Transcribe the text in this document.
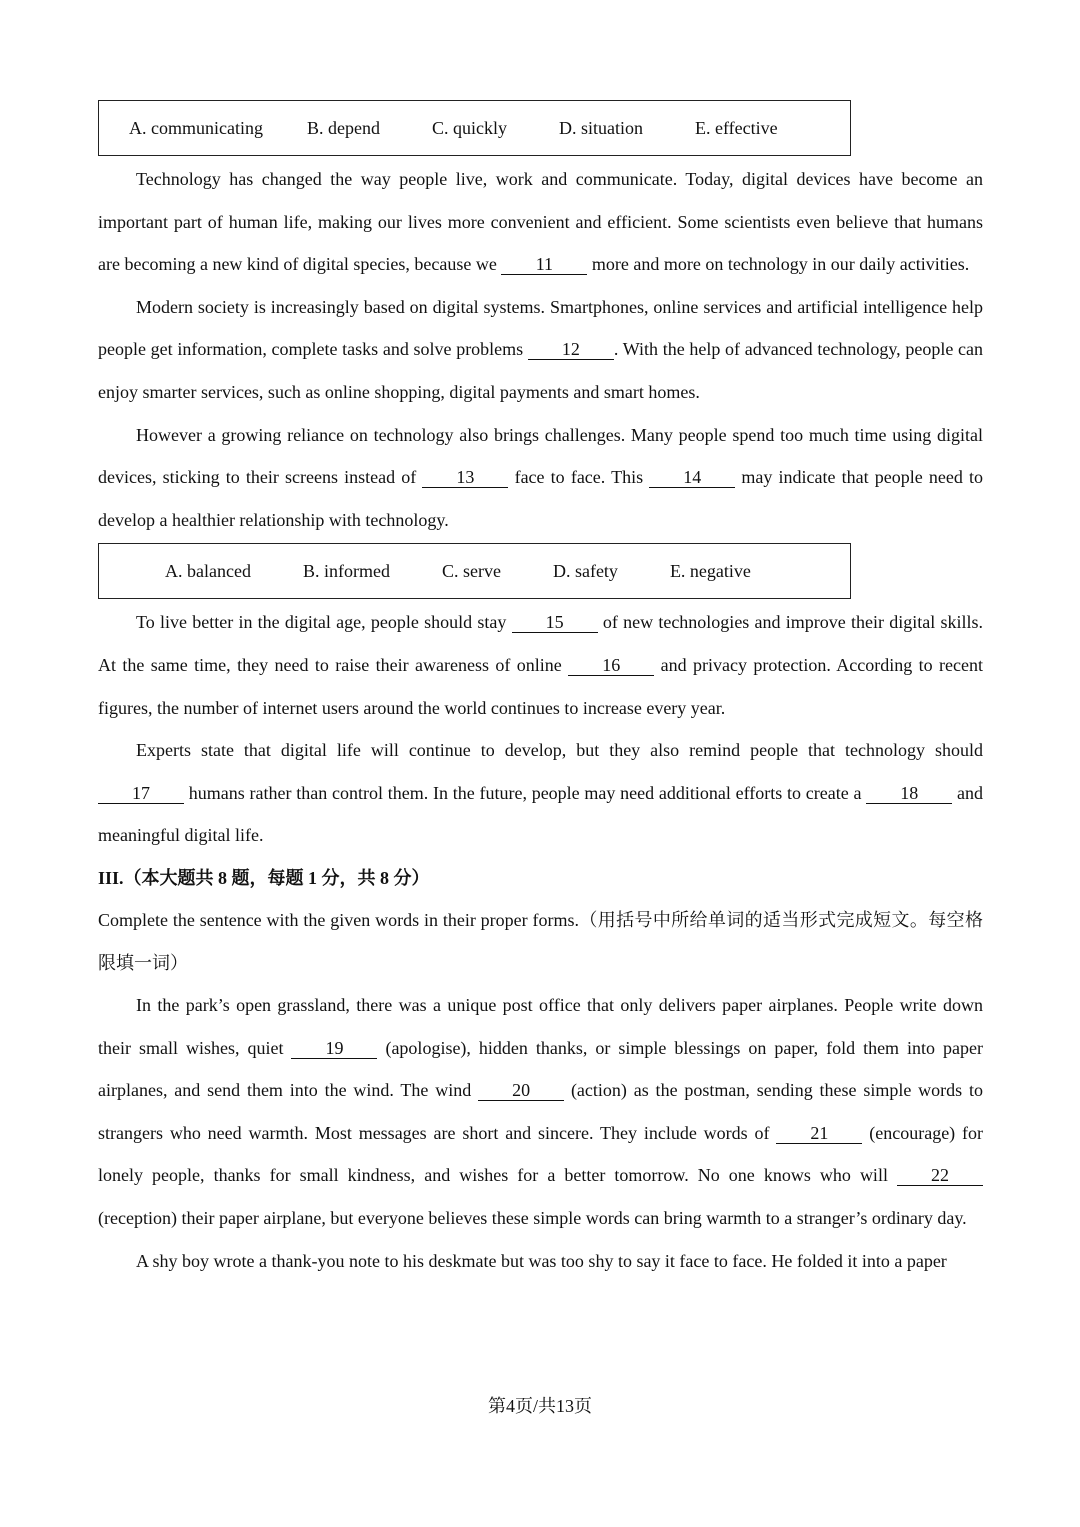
A. communicating B. depend	C. quickly	D. situation	E. effective

Technology has changed the way people live, work and communicate. Today, digital devices have become an important part of human life, making our lives more convenient and efficient. Some scientists even believe that humans are becoming a new kind of digital species, because we 11 more and more on technology in our daily activities.

Modern society is increasingly based on digital systems. Smartphones, online services and artificial intelligence help people get information, complete tasks and solve problems 12 . With the help of advanced technology, people can enjoy smarter services, such as online shopping, digital payments and smart homes.

However a growing reliance on technology also brings challenges. Many people spend too much time using digital devices, sticking to their screens instead of 13 face to face. This 14 may indicate that people need to develop a healthier relationship with technology.

A. balanced	B. informed	C. serve	D. safety	E. negative

To live better in the digital age, people should stay 15 of new technologies and improve their digital skills. At the same time, they need to raise their awareness of online 16 and privacy protection. According to recent figures, the number of internet users around the world continues to increase every year.

Experts state that digital life will continue to develop, but they also remind people that technology should 17 humans rather than control them. In the future, people may need additional efforts to create a 18 and meaningful digital life.

III.（本大题共 8 题，每题 1 分，共 8 分）

Complete the sentence with the given words in their proper forms.（用括号中所给单词的适当形式完成短文。每空格限填一词）

In the park’s open grassland, there was a unique post office that only delivers paper airplanes. People write down their small wishes, quiet 19 (apologise), hidden thanks, or simple blessings on paper, fold them into paper airplanes, and send them into the wind. The wind 20 (action) as the postman, sending these simple words to strangers who need warmth. Most messages are short and sincere. They include words of 21 (encourage) for lonely people, thanks for small kindness, and wishes for a better tomorrow. No one knows who will 22 (reception) their paper airplane, but everyone believes these simple words can bring warmth to a stranger’s ordinary day.

A shy boy wrote a thank-you note to his deskmate but was too shy to say it face to face. He folded it into a paper

第4页/共13页
